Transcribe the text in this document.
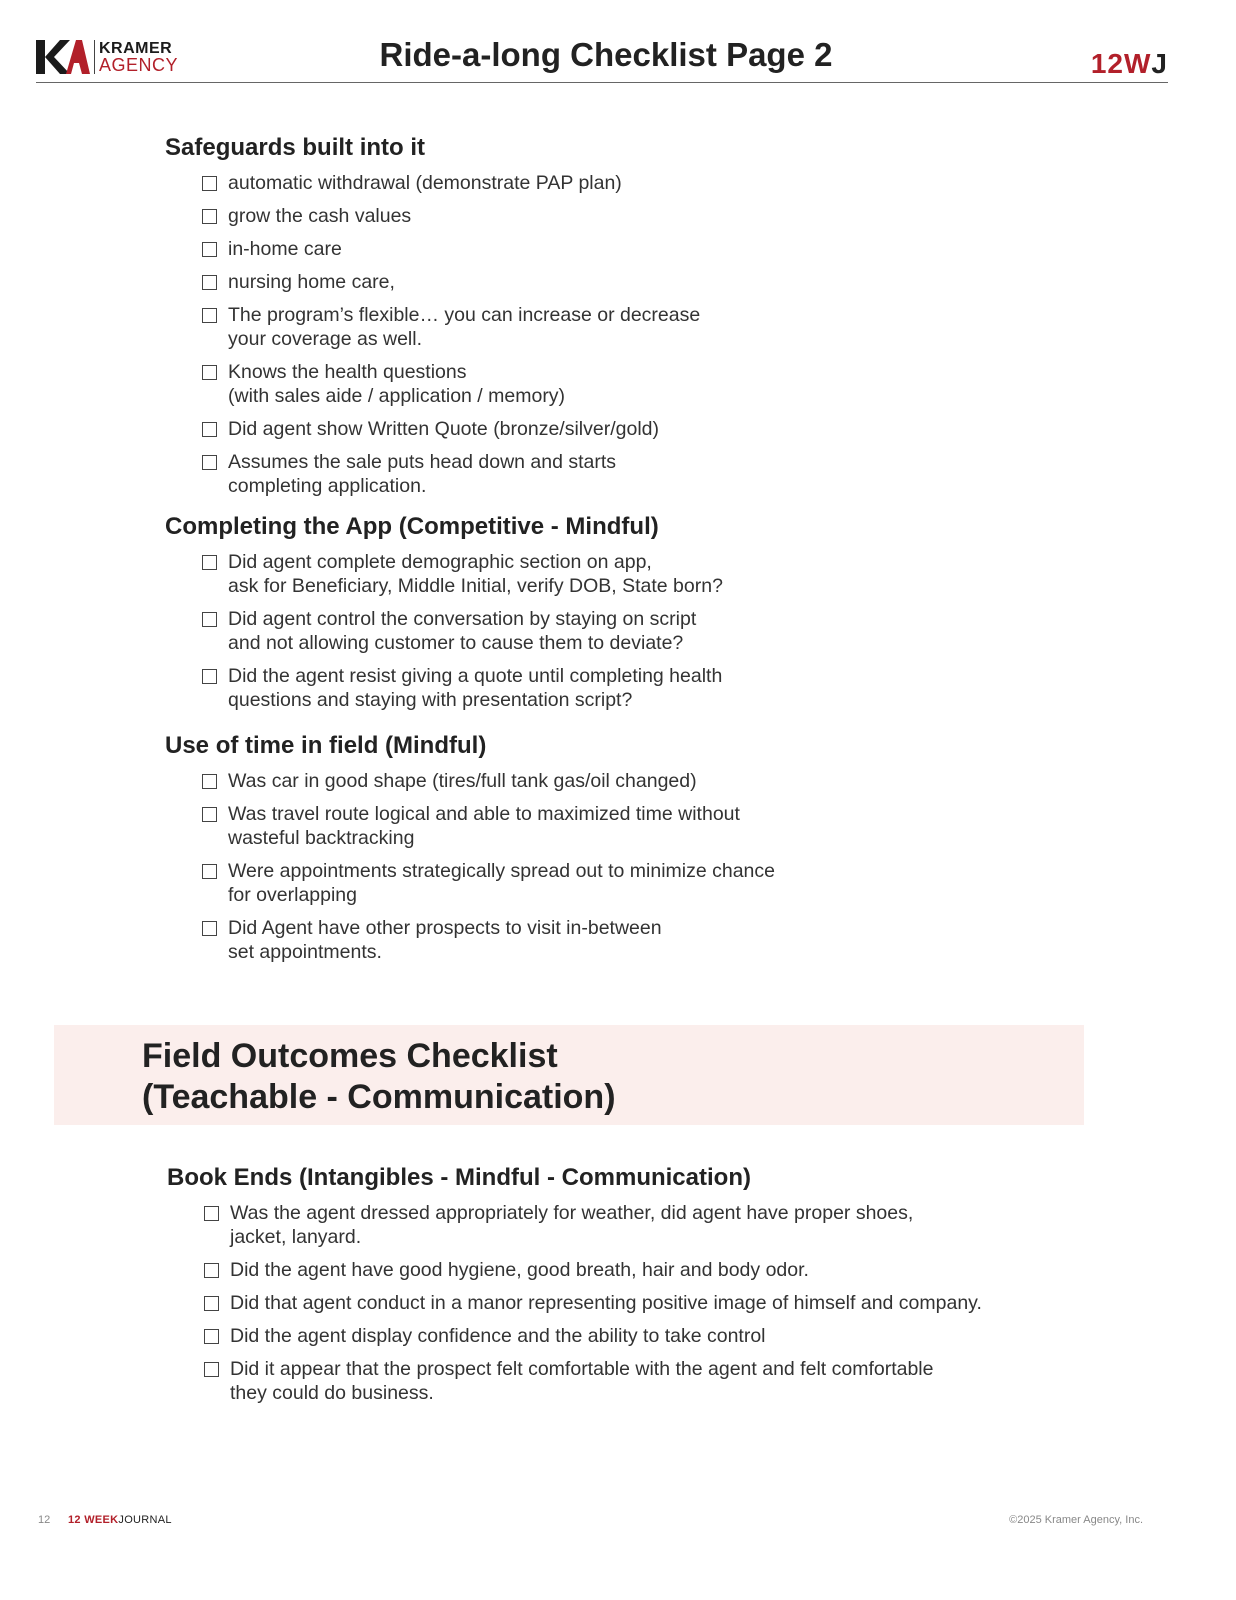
KRAMER
AGENCY	Ride-a-long Checklist Page 2	12WJ
Safeguards built into it
automatic withdrawal (demonstrate PAP plan)
grow the cash values
in-home care
nursing home care,
The program’s flexible… you can increase or decrease
your coverage as well.
Knows the health questions
(with sales aide / application / memory)
Did agent show Written Quote (bronze/silver/gold)
Assumes the sale puts head down and starts
completing application.
Completing the App (Competitive - Mindful)
Did agent complete demographic section on app,
ask for Beneficiary, Middle Initial, verify DOB, State born?
Did agent control the conversation by staying on script
and not allowing customer to cause them to deviate?
Did the agent resist giving a quote until completing health
questions and staying with presentation script?
Use of time in field (Mindful)
Was car in good shape (tires/full tank gas/oil changed)
Was travel route logical and able to maximized time without
wasteful backtracking
Were appointments strategically spread out to minimize chance
for overlapping
Did Agent have other prospects to visit in-between
set appointments.
Field Outcomes Checklist
(Teachable - Communication)
Book Ends (Intangibles - Mindful - Communication)
Was the agent dressed appropriately for weather, did agent have proper shoes,
jacket, lanyard.
Did the agent have good hygiene, good breath, hair and body odor.
Did that agent conduct in a manor representing positive image of himself and company.
Did the agent display confidence and the ability to take control
Did it appear that the prospect felt comfortable with the agent and felt comfortable
they could do business.
12 12 WEEKJOURNAL	©2025 Kramer Agency, Inc.
